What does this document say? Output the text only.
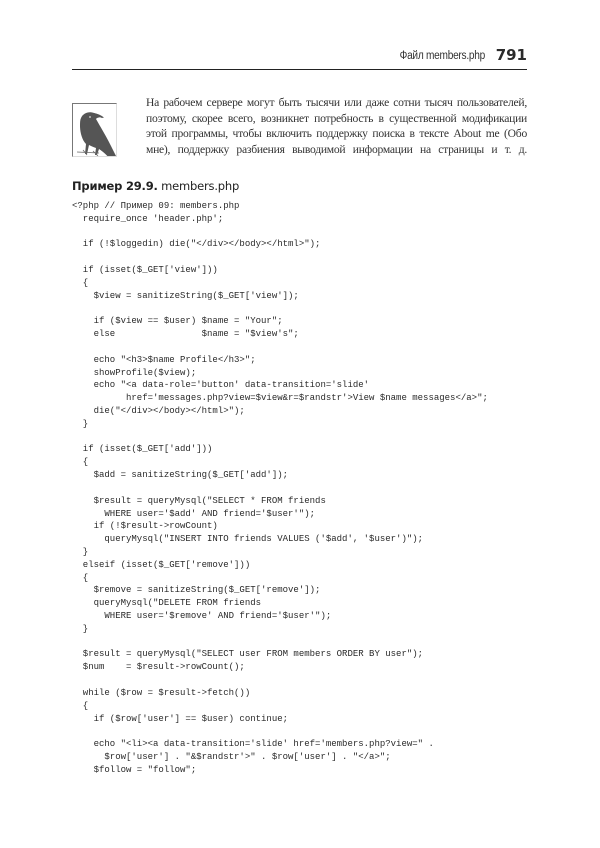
Файл members.php 791
На рабочем сервере могут быть тысячи или даже сотни тысяч пользователей,
поэтому, скорее всего, возникнет потребность в существенной модификации
этой программы, чтобы включить поддержку поиска в тексте About me (Обо
мне), поддержку разбиения выводимой информации на страницы и т. д.
Пример 29.9. members.php
<?php // Пример 09: members.php
require_once 'header.php';
if (!$loggedin) die("</div></body></html>");
if (isset($_GET['view']))
{
$view = sanitizeString($_GET['view']);
if ($view == $user) $name = "Your";
else                $name = "$view's";
echo "<h3>$name Profile</h3>";
showProfile($view);
echo "<a data-role='button' data-transition='slide'
href='messages.php?view=$view&r=$randstr'>View $name messages</a>";
die("</div></body></html>");
}
if (isset($_GET['add']))
{
$add = sanitizeString($_GET['add']);
$result = queryMysql("SELECT * FROM friends
WHERE user='$add' AND friend='$user'");
if (!$result->rowCount)
queryMysql("INSERT INTO friends VALUES ('$add', '$user')");
}
elseif (isset($_GET['remove']))
{
$remove = sanitizeString($_GET['remove']);
queryMysql("DELETE FROM friends
WHERE user='$remove' AND friend='$user'");
}
$result = queryMysql("SELECT user FROM members ORDER BY user");
$num    = $result->rowCount();
while ($row = $result->fetch())
{
if ($row['user'] == $user) continue;
echo "<li><a data-transition='slide' href='members.php?view=" .
$row['user'] . "&$randstr'>" . $row['user'] . "</a>";
$follow = "follow";
